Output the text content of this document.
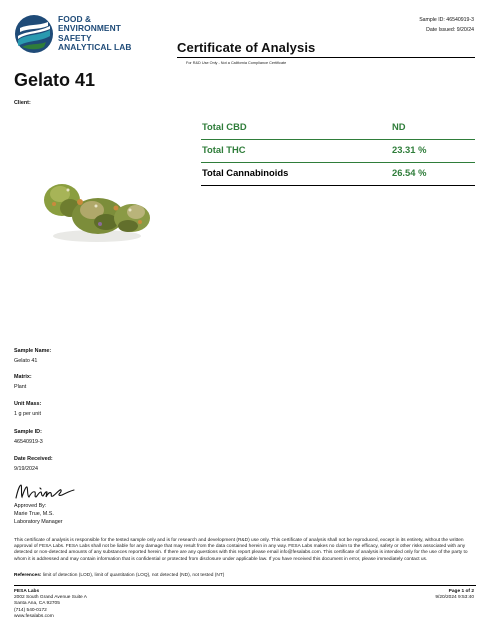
FOOD &
ENVIRONMENT
SAFETY
ANALYTICAL LAB
Sample ID: 46540919-3
Date Issued: 9/20/24
Certificate of Analysis
For R&D Use Only - Not a California Compliance Certificate
Gelato 41
Client:
Total CBD	ND
Total THC	23.31 %
Total Cannabinoids	26.54 %
Sample Name:
Gelato 41
Matrix:
Plant
Unit Mass:
1 g per unit
Sample ID:
46540919-3
Date Received:
9/19/2024
Approved By:
Marie True, M.S.
Laboratory Manager
This certificate of analysis is responsible for the tested sample only and is for research and development (R&D) use only. This certificate of analysis shall not be reproduced, except in its entirety, without the written approval of FESA Labs. FESA Labs shall not be liable for any damage that may result from the data contained herein in any way. FESA Labs makes no claim to the efficacy, safety or other risks associated with any detected or non-detected amounts of any substances reported herein. If there are any questions with this report please email info@fesalabs.com. This certificate of analysis is intended only for the use of the party to whom it is addressed and may contain information that is confidential or protected from disclosure under applicable law. If you have received this document in error, please immediately contact us.
References: limit of detection (LOD), limit of quantitation (LOQ), not detected (ND), not tested (NT)
FESA Labs
2002 South Grand Avenue Suite A
Santa Ana, CA 92705
(714) 540-0172
www.fesalabs.com
Page 1 of 2
9/20/2024 9:53:40
